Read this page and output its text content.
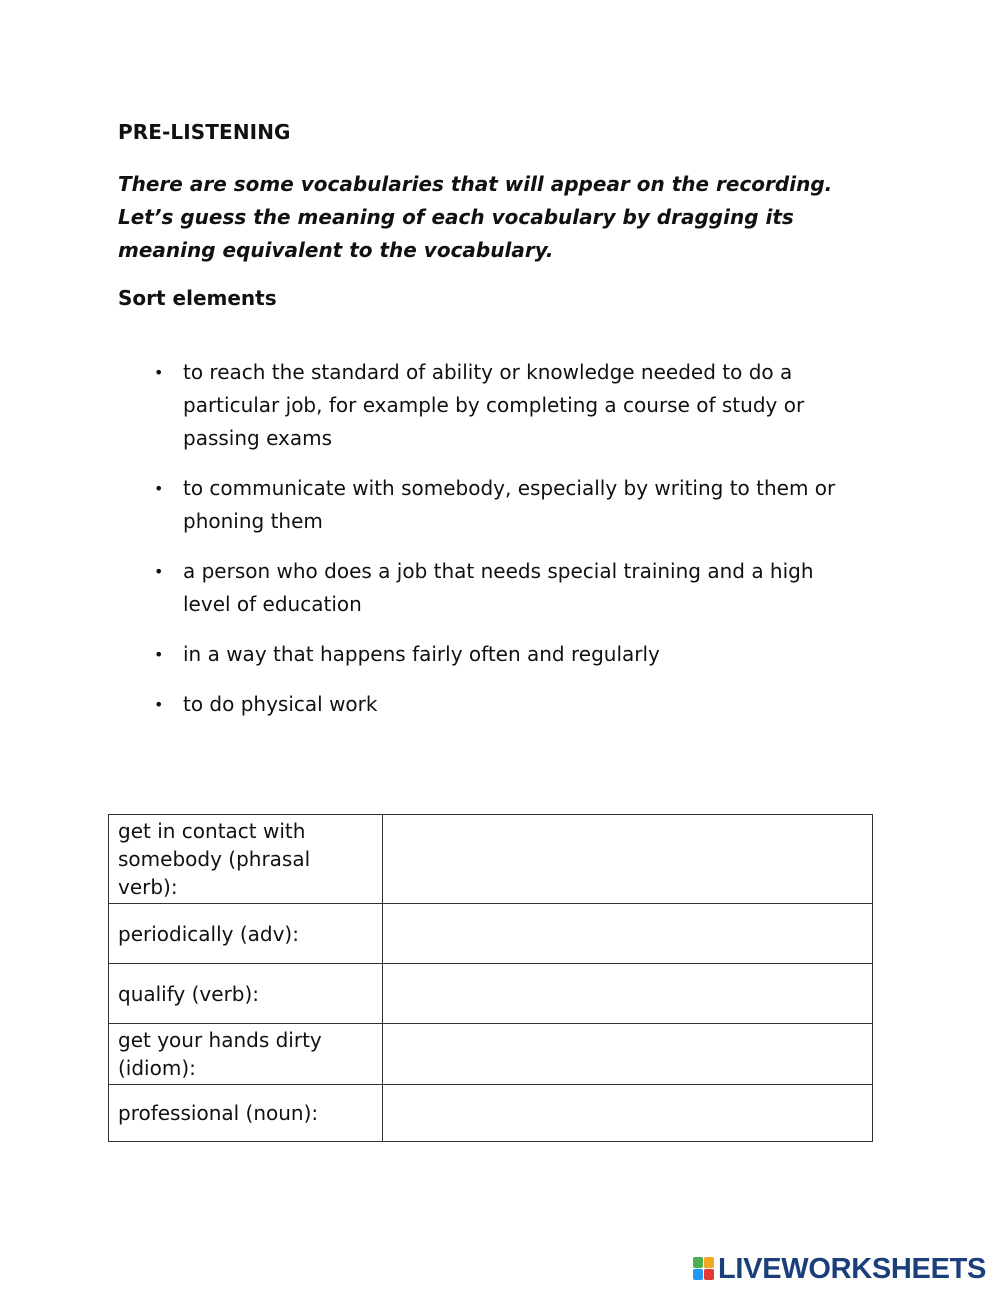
PRE-LISTENING
There are some vocabularies that will appear on the recording. Let’s guess the meaning of each vocabulary by dragging its meaning equivalent to the vocabulary.
Sort elements
• to reach the standard of ability or knowledge needed to do a particular job, for example by completing a course of study or passing exams
• to communicate with somebody, especially by writing to them or phoning them
• a person who does a job that needs special training and a high level of education
• in a way that happens fairly often and regularly
• to do physical work
get in contact with somebody (phrasal verb):	
periodically (adv):	
qualify (verb):	
get your hands dirty (idiom):	
professional (noun):	
LIVEWORKSHEETS
